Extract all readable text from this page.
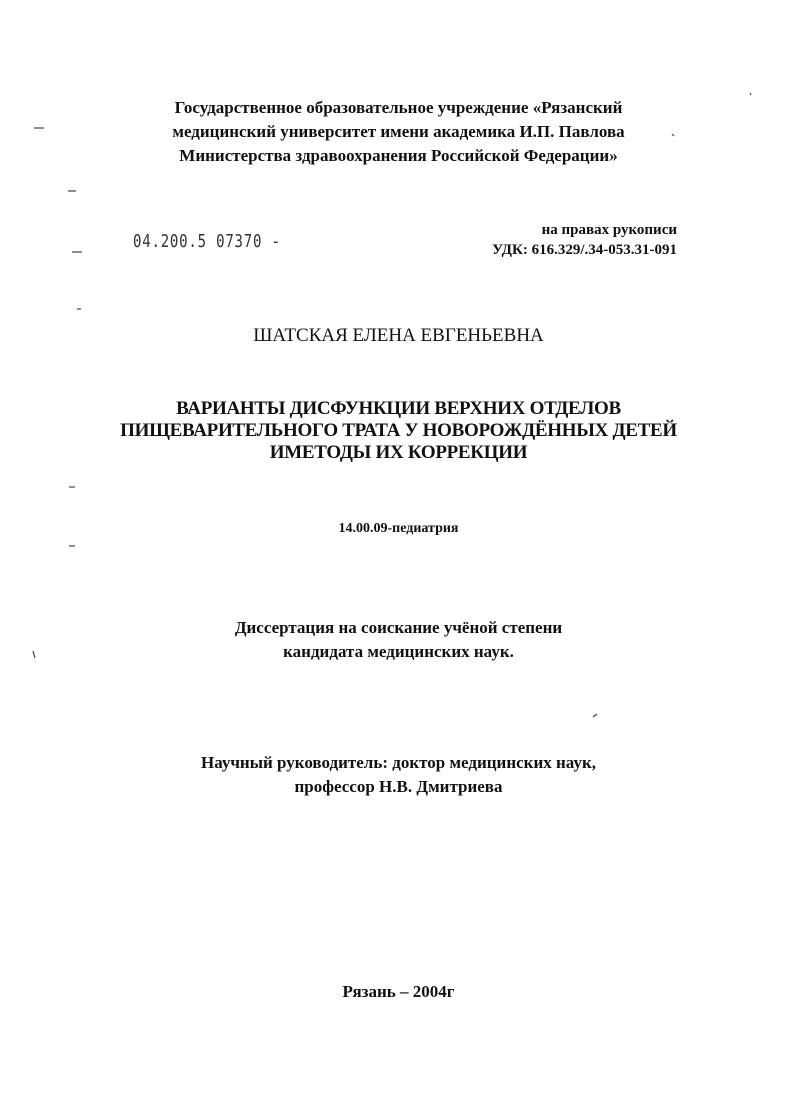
Государственное образовательное учреждение «Рязанский
медицинский университет имени академика И.П. Павлова
Министерства здравоохранения Российской Федерации»
04.200.5 07370 -
на правах рукописи
УДК: 616.329/.34-053.31-091
ШАТСКАЯ ЕЛЕНА ЕВГЕНЬЕВНА
ВАРИАНТЫ ДИСФУНКЦИИ ВЕРХНИХ ОТДЕЛОВ
ПИЩЕВАРИТЕЛЬНОГО ТРАТА У НОВОРОЖДЁННЫХ ДЕТЕЙ
ИМЕТОДЫ ИХ КОРРЕКЦИИ
14.00.09-педиатрия
Диссертация на соискание учёной степени
кандидата медицинских наук.
Научный руководитель: доктор медицинских наук,
профессор Н.В. Дмитриева
Рязань – 2004г
